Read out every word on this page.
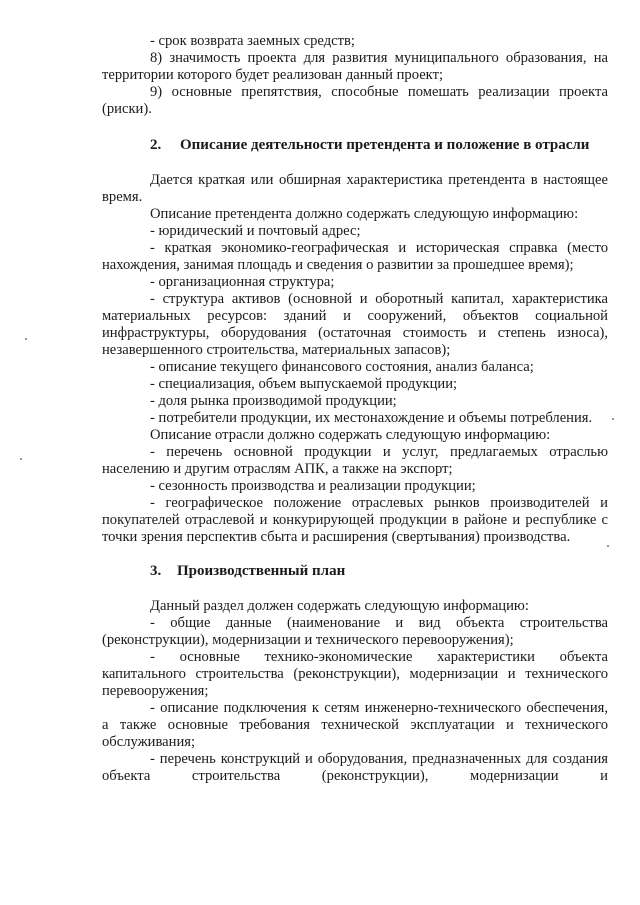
- срок возврата заемных средств;

8) значимость проекта для развития муниципального образования, на территории которого будет реализован данный проект;

9) основные препятствия, способные помешать реализации проекта (риски).

2. Описание деятельности претендента и положение в отрасли

Дается краткая или обширная характеристика претендента в настоящее время.

Описание претендента должно содержать следующую информацию:

- юридический и почтовый адрес;

- краткая экономико-географическая и историческая справка (место нахождения, занимая площадь и сведения о развитии за прошедшее время);

- организационная структура;

- структура активов (основной и оборотный капитал, характеристика материальных ресурсов: зданий и сооружений, объектов социальной инфраструктуры, оборудования (остаточная стоимость и степень износа), незавершенного строительства, материальных запасов);

- описание текущего финансового состояния, анализ баланса;

- специализация, объем выпускаемой продукции;

- доля рынка производимой продукции;

- потребители продукции, их местонахождение и объемы потребления.

Описание отрасли должно содержать следующую информацию:

- перечень основной продукции и услуг, предлагаемых отраслью населению и другим отраслям АПК, а также на экспорт;

- сезонность производства и реализации продукции;

- географическое положение отраслевых рынков производителей и покупателей отраслевой и конкурирующей продукции в районе и республике с точки зрения перспектив сбыта и расширения (свертывания) производства.

3. Производственный план

Данный раздел должен содержать следующую информацию:

- общие данные (наименование и вид объекта строительства (реконструкции), модернизации и технического перевооружения);

- основные технико-экономические характеристики объекта капитального строительства (реконструкции), модернизации и технического перевооружения;

- описание подключения к сетям инженерно-технического обеспечения, а также основные требования технической эксплуатации и технического обслуживания;

- перечень конструкций и оборудования, предназначенных для создания объекта строительства (реконструкции), модернизации и
